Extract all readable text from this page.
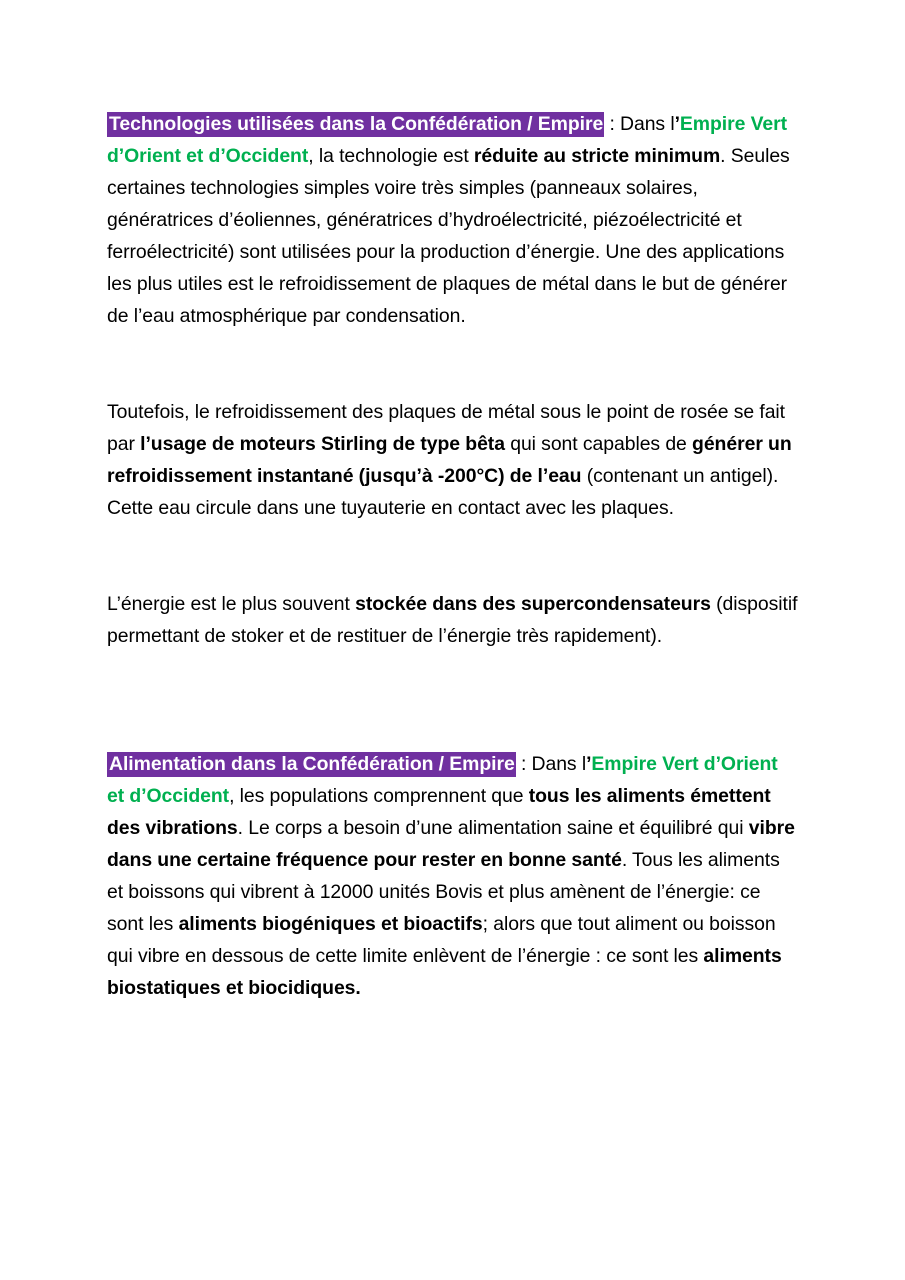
Technologies utilisées dans la Confédération / Empire : Dans l’Empire Vert d’Orient et d’Occident, la technologie est réduite au stricte minimum. Seules certaines technologies simples voire très simples (panneaux solaires, génératrices d’éoliennes, génératrices d’hydroélectricité, piézoélectricité et ferroélectricité) sont utilisées pour la production d’énergie. Une des applications les plus utiles est le refroidissement de plaques de métal dans le but de générer de l’eau atmosphérique par condensation.

Toutefois, le refroidissement des plaques de métal sous le point de rosée se fait par l’usage de moteurs Stirling de type bêta qui sont capables de générer un refroidissement instantané (jusqu’à -200°C) de l’eau (contenant un antigel). Cette eau circule dans une tuyauterie en contact avec les plaques.

L’énergie est le plus souvent stockée dans des supercondensateurs (dispositif permettant de stoker et de restituer de l’énergie très rapidement).

Alimentation dans la Confédération / Empire : Dans l’Empire Vert d’Orient et d’Occident, les populations comprennent que tous les aliments émettent des vibrations. Le corps a besoin d’une alimentation saine et équilibré qui vibre dans une certaine fréquence pour rester en bonne santé. Tous les aliments et boissons qui vibrent à 12000 unités Bovis et plus amènent de l’énergie: ce sont les aliments biogéniques et bioactifs; alors que tout aliment ou boisson qui vibre en dessous de cette limite enlèvent de l’énergie : ce sont les aliments biostatiques et biocidiques.
